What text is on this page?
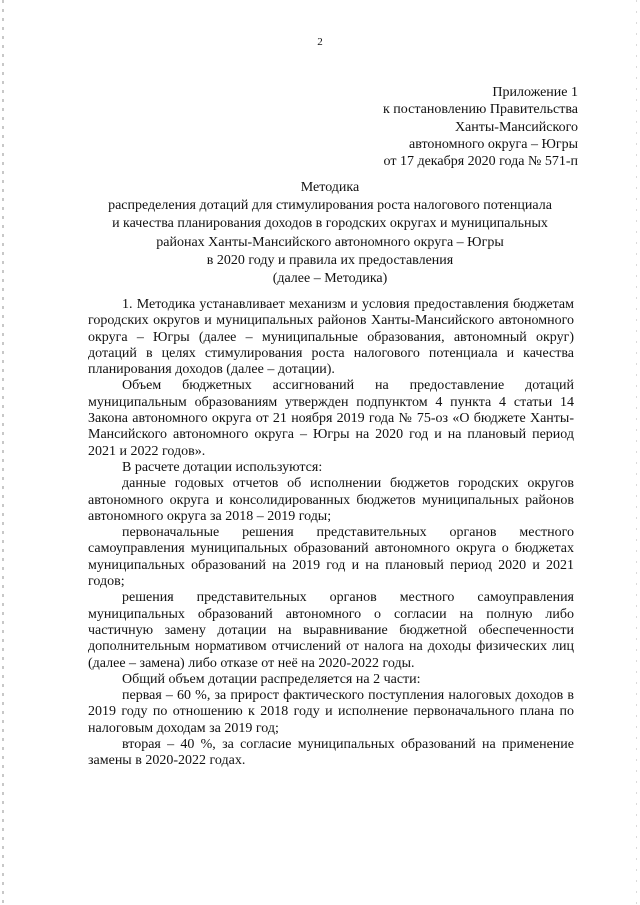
2
Приложение 1
к постановлению Правительства
Ханты-Мансийского
автономного округа – Югры
от 17 декабря 2020 года № 571-п
Методика
распределения дотаций для стимулирования роста налогового потенциала
и качества планирования доходов в городских округах и муниципальных
районах Ханты-Мансийского автономного округа – Югры
в 2020 году и правила их предоставления
(далее – Методика)

1. Методика устанавливает механизм и условия предоставления бюджетам городских округов и муниципальных районов Ханты-Мансийского автономного округа – Югры (далее – муниципальные образования, автономный округ) дотаций в целях стимулирования роста налогового потенциала и качества планирования доходов (далее – дотации).

Объем бюджетных ассигнований на предоставление дотаций муниципальным образованиям утвержден подпунктом 4 пункта 4 статьи 14 Закона автономного округа от 21 ноября 2019 года № 75-оз «О бюджете Ханты-Мансийского автономного округа – Югры на 2020 год и на плановый период 2021 и 2022 годов».

В расчете дотации используются:

данные годовых отчетов об исполнении бюджетов городских округов автономного округа и консолидированных бюджетов муниципальных районов автономного округа за 2018 – 2019 годы;

первоначальные решения представительных органов местного самоуправления муниципальных образований автономного округа о бюджетах муниципальных образований на 2019 год и на плановый период 2020 и 2021 годов;

решения представительных органов местного самоуправления муниципальных образований автономного о согласии на полную либо частичную замену дотации на выравнивание бюджетной обеспеченности дополнительным нормативом отчислений от налога на доходы физических лиц (далее – замена) либо отказе от неё на 2020-2022 годы.

Общий объем дотации распределяется на 2 части:

первая – 60 %, за прирост фактического поступления налоговых доходов в 2019 году по отношению к 2018 году и исполнение первоначального плана по налоговым доходам за 2019 год;

вторая – 40 %, за согласие муниципальных образований на применение замены в 2020-2022 годах.
